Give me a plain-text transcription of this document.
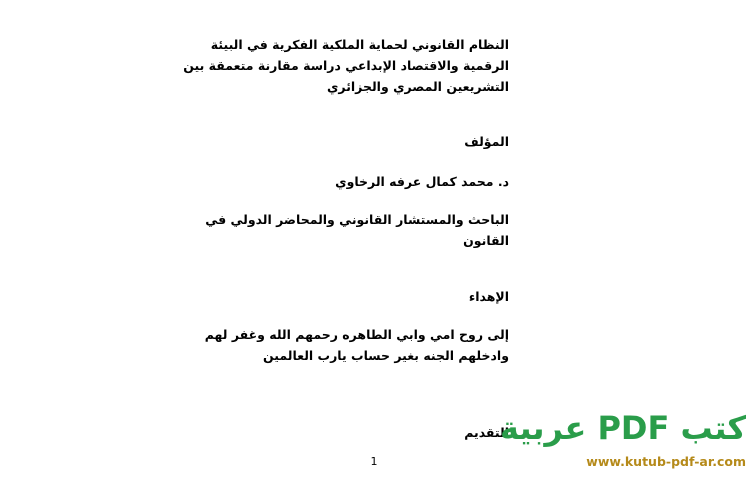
النظام القانوني لحماية الملكية الفكرية في البيئة
الرقمية والاقتصاد الإبداعي دراسة مقارنة متعمقة بين
التشريعين المصري والجزائري
المؤلف
د. محمد كمال عرفه الرخاوي
الباحث والمستشار القانوني والمحاضر الدولي في
القانون
الإهداء
إلى روح امي وابي الطاهره رحمهم الله وغفر لهم
وادخلهم الجنه بغير حساب يارب العالمين
التقديم
1
كتب PDF عربية
www.kutub-pdf-ar.com
